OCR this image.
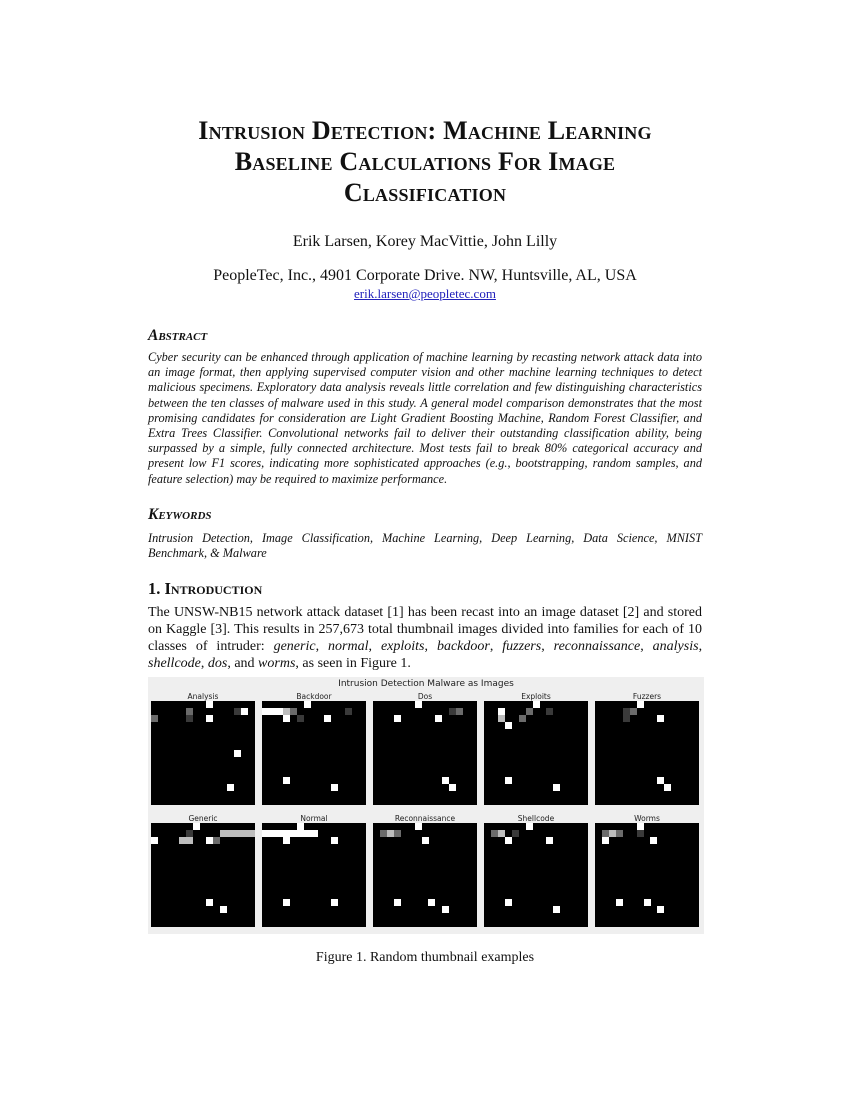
Intrusion Detection: Machine Learning
Baseline Calculations For Image
Classification
Erik Larsen, Korey MacVittie, John Lilly
PeopleTec, Inc., 4901 Corporate Drive. NW, Huntsville, AL, USA
erik.larsen@peopletec.com
Abstract
Cyber security can be enhanced through application of machine learning by recasting network attack data into an image format, then applying supervised computer vision and other machine learning techniques to detect malicious specimens. Exploratory data analysis reveals little correlation and few distinguishing characteristics between the ten classes of malware used in this study. A general model comparison demonstrates that the most promising candidates for consideration are Light Gradient Boosting Machine, Random Forest Classifier, and Extra Trees Classifier. Convolutional networks fail to deliver their outstanding classification ability, being surpassed by a simple, fully connected architecture. Most tests fail to break 80% categorical accuracy and present low F1 scores, indicating more sophisticated approaches (e.g., bootstrapping, random samples, and feature selection) may be required to maximize performance.
Keywords
Intrusion Detection, Image Classification, Machine Learning, Deep Learning, Data Science, MNIST Benchmark, & Malware
1. Introduction
The UNSW-NB15 network attack dataset [1] has been recast into an image dataset [2] and stored on Kaggle [3]. This results in 257,673 total thumbnail images divided into families for each of 10 classes of intruder: generic, normal, exploits, backdoor, fuzzers, reconnaissance, analysis, shellcode, dos, and worms, as seen in Figure 1.
Intrusion Detection Malware as Images
Analysis	Backdoor	Dos	Exploits	Fuzzers
Generic	Normal	Reconnaissance	Shellcode	Worms
Figure 1. Random thumbnail examples
